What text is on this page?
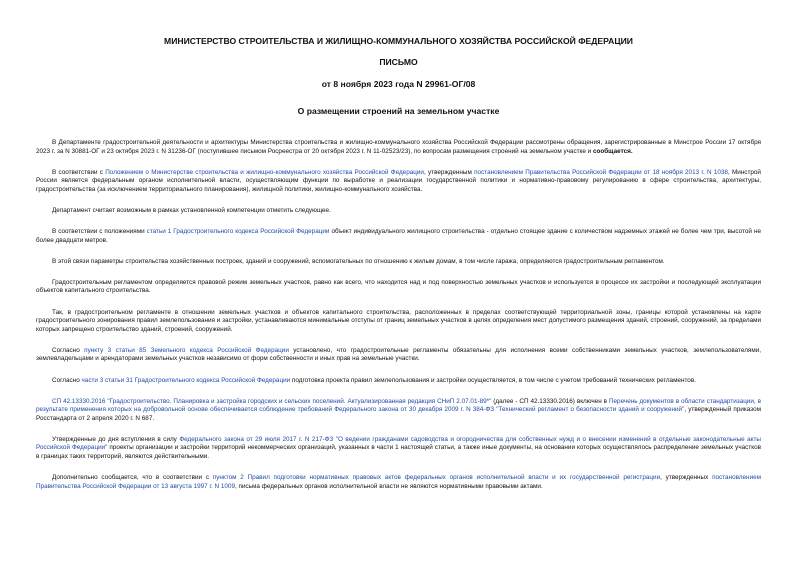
МИНИСТЕРСТВО СТРОИТЕЛЬСТВА И ЖИЛИЩНО-КОММУНАЛЬНОГО ХОЗЯЙСТВА РОССИЙСКОЙ ФЕДЕРАЦИИ
ПИСЬМО
от 8 ноября 2023 года N 29961-ОГ/08
О размещении строений на земельном участке

В Департаменте градостроительной деятельности и архитектуры Министерства строительства и жилищно-коммунального хозяйства Российской Федерации рассмотрены обращения, зарегистрированные в Минстрое России 17 октября 2023 г. за N 30881-ОГ и 23 октября 2023 г. N 31236-ОГ (поступившее письмом Росреестра от 20 октября 2023 г. N 11-02523/23), по вопросам размещения строений на земельном участке и сообщается.

В соответствии с Положением о Министерстве строительства и жилищно-коммунального хозяйства Российской Федерации, утвержденным постановлением Правительства Российской Федерации от 18 ноября 2013 г. N 1038, Минстрой России является федеральным органом исполнительной власти, осуществляющим функции по выработке и реализации государственной политики и нормативно-правовому регулированию в сфере строительства, архитектуры, градостроительства (за исключением территориального планирования), жилищной политики, жилищно-коммунального хозяйства.

Департамент считает возможным в рамках установленной компетенции отметить следующее.

В соответствии с положениями статьи 1 Градостроительного кодекса Российской Федерации объект индивидуального жилищного строительства - отдельно стоящее здание с количеством надземных этажей не более чем три, высотой не более двадцати метров.

В этой связи параметры строительства хозяйственных построек, зданий и сооружений, вспомогательных по отношению к жилым домам, в том числе гаража, определяются градостроительным регламентом.

Градостроительным регламентом определяется правовой режим земельных участков, равно как всего, что находится над и под поверхностью земельных участков и используется в процессе их застройки и последующей эксплуатации объектов капитального строительства.

Так, в градостроительном регламенте в отношении земельных участков и объектов капитального строительства, расположенных в пределах соответствующей территориальной зоны, границы которой установлены на карте градостроительного зонирования правил землепользования и застройки, устанавливаются минимальные отступы от границ земельных участков в целях определения мест допустимого размещения зданий, строений, сооружений, за пределами которых запрещено строительство зданий, строений, сооружений.

Согласно пункту 3 статьи 85 Земельного кодекса Российской Федерации установлено, что градостроительные регламенты обязательны для исполнения всеми собственниками земельных участков, землепользователями, землевладельцами и арендаторами земельных участков независимо от форм собственности и иных прав на земельные участки.

Согласно части 3 статьи 31 Градостроительного кодекса Российской Федерации подготовка проекта правил землепользования и застройки осуществляется, в том числе с учетом требований технических регламентов.

СП 42.13330.2016 "Градостроительство. Планировка и застройка городских и сельских поселений. Актуализированная редакция СНиП 2.07.01-89*" (далее - СП 42.13330.2016) включен в Перечень документов в области стандартизации, в результате применения которых на добровольной основе обеспечивается соблюдение требований Федерального закона от 30 декабря 2009 г. N 384-ФЗ "Технический регламент о безопасности зданий и сооружений", утвержденный приказом Росстандарта от 2 апреля 2020 г. N 687.

Утвержденные до дня вступления в силу Федерального закона от 29 июля 2017 г. N 217-ФЗ "О ведении гражданами садоводства и огородничества для собственных нужд и о внесении изменений в отдельные законодательные акты Российской Федерации" проекты организации и застройки территорий некоммерческих организаций, указанных в части 1 настоящей статьи, а также иные документы, на основании которых осуществлялось распределение земельных участков в границах таких территорий, являются действительными.

Дополнительно сообщается, что в соответствии с пунктом 2 Правил подготовки нормативных правовых актов федеральных органов исполнительной власти и их государственной регистрации, утвержденных постановлением Правительства Российской Федерации от 13 августа 1997 г. N 1009, письма федеральных органов исполнительной власти не являются нормативными правовыми актами.
